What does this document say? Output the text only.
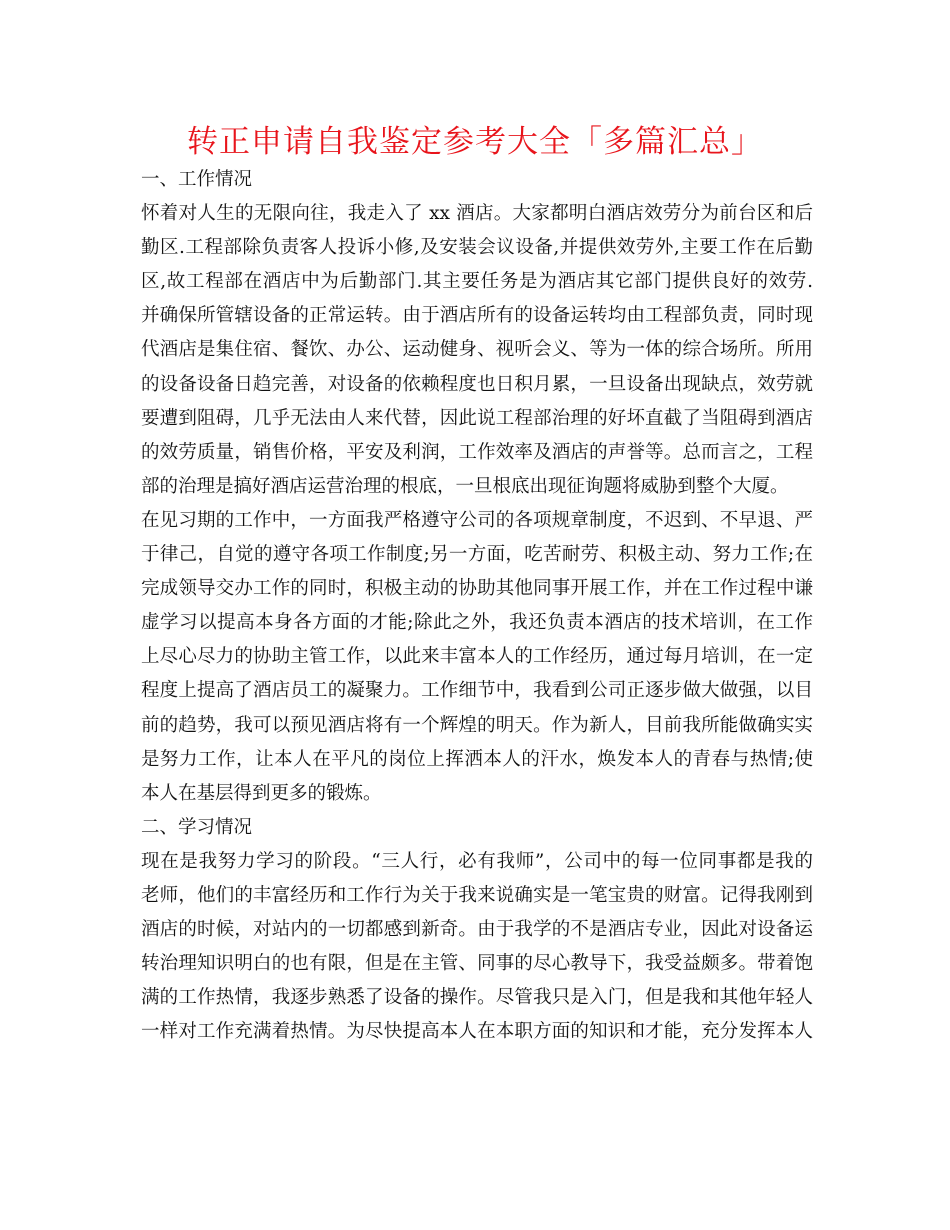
转正申请自我鉴定参考大全「多篇汇总」
一、工作情况
怀着对人生的无限向往，我走入了 xx 酒店。大家都明白酒店效劳分为前台区和后
勤区.工程部除负责客人投诉小修,及安装会议设备,并提供效劳外,主要工作在后勤
区,故工程部在酒店中为后勤部门.其主要任务是为酒店其它部门提供良好的效劳.
并确保所管辖设备的正常运转。由于酒店所有的设备运转均由工程部负责，同时现
代酒店是集住宿、餐饮、办公、运动健身、视听会义、等为一体的综合场所。所用
的设备设备日趋完善，对设备的依赖程度也日积月累，一旦设备出现缺点，效劳就
要遭到阻碍，几乎无法由人来代替，因此说工程部治理的好坏直截了当阻碍到酒店
的效劳质量，销售价格，平安及利润，工作效率及酒店的声誉等。总而言之，工程
部的治理是搞好酒店运营治理的根底，一旦根底出现征询题将威胁到整个大厦。
在见习期的工作中，一方面我严格遵守公司的各项规章制度，不迟到、不早退、严
于律己，自觉的遵守各项工作制度;另一方面，吃苦耐劳、积极主动、努力工作;在
完成领导交办工作的同时，积极主动的协助其他同事开展工作，并在工作过程中谦
虚学习以提高本身各方面的才能;除此之外，我还负责本酒店的技术培训，在工作
上尽心尽力的协助主管工作，以此来丰富本人的工作经历，通过每月培训，在一定
程度上提高了酒店员工的凝聚力。工作细节中，我看到公司正逐步做大做强，以目
前的趋势，我可以预见酒店将有一个辉煌的明天。作为新人，目前我所能做确实实
是努力工作，让本人在平凡的岗位上挥洒本人的汗水，焕发本人的青春与热情;使
本人在基层得到更多的锻炼。
二、学习情况
现在是我努力学习的阶段。“三人行，必有我师”，公司中的每一位同事都是我的
老师，他们的丰富经历和工作行为关于我来说确实是一笔宝贵的财富。记得我刚到
酒店的时候，对站内的一切都感到新奇。由于我学的不是酒店专业，因此对设备运
转治理知识明白的也有限，但是在主管、同事的尽心教导下，我受益颇多。带着饱
满的工作热情，我逐步熟悉了设备的操作。尽管我只是入门，但是我和其他年轻人
一样对工作充满着热情。为尽快提高本人在本职方面的知识和才能，充分发挥本人
